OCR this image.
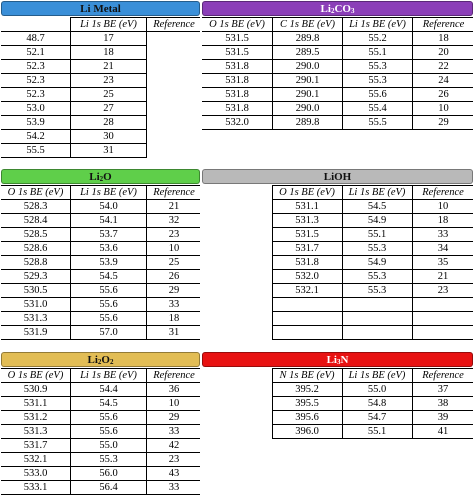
Li Metal
	Li 1s BE (eV)	Reference
48.7	17	
52.1	18	
52.3	21	
52.3	23	
52.3	25	
53.0	27	
53.9	28	
54.2	30	
55.5	31	
$Li_2CO_3$
O 1s BE (eV)	C 1s BE (eV)	Li 1s BE (eV)	Reference
531.5	289.8	55.2	18
531.5	289.5	55.1	20
531.8	290.0	55.3	22
531.8	290.1	55.3	24
531.8	290.1	55.6	26
531.8	290.0	55.4	10
532.0	289.8	55.5	29
$Li_2O$
O 1s BE (eV)	Li 1s BE (eV)	Reference
528.3	54.0	21
528.4	54.1	32
528.5	53.7	23
528.6	53.6	10
528.8	53.9	25
529.3	54.5	26
530.5	55.6	29
531.0	55.6	33
531.3	55.6	18
531.9	57.0	31
LiOH
	O 1s BE (eV)	Li 1s BE (eV)	Reference
	531.1	54.5	10
	531.3	54.9	18
	531.5	55.1	33
	531.7	55.3	34
	531.8	54.9	35
	532.0	55.3	21
	532.1	55.3	23

$Li_2O_2$
O 1s BE (eV)	Li 1s BE (eV)	Reference
530.9	54.4	36
531.1	54.5	10
531.2	55.6	29
531.3	55.6	33
531.7	55.0	42
532.1	55.3	23
533.0	56.0	43
533.1	56.4	33
$Li_3N$
	N 1s BE (eV)	Li 1s BE (eV)	Reference
	395.2	55.0	37
	395.5	54.8	38
	395.6	54.7	39
	396.0	55.1	41
